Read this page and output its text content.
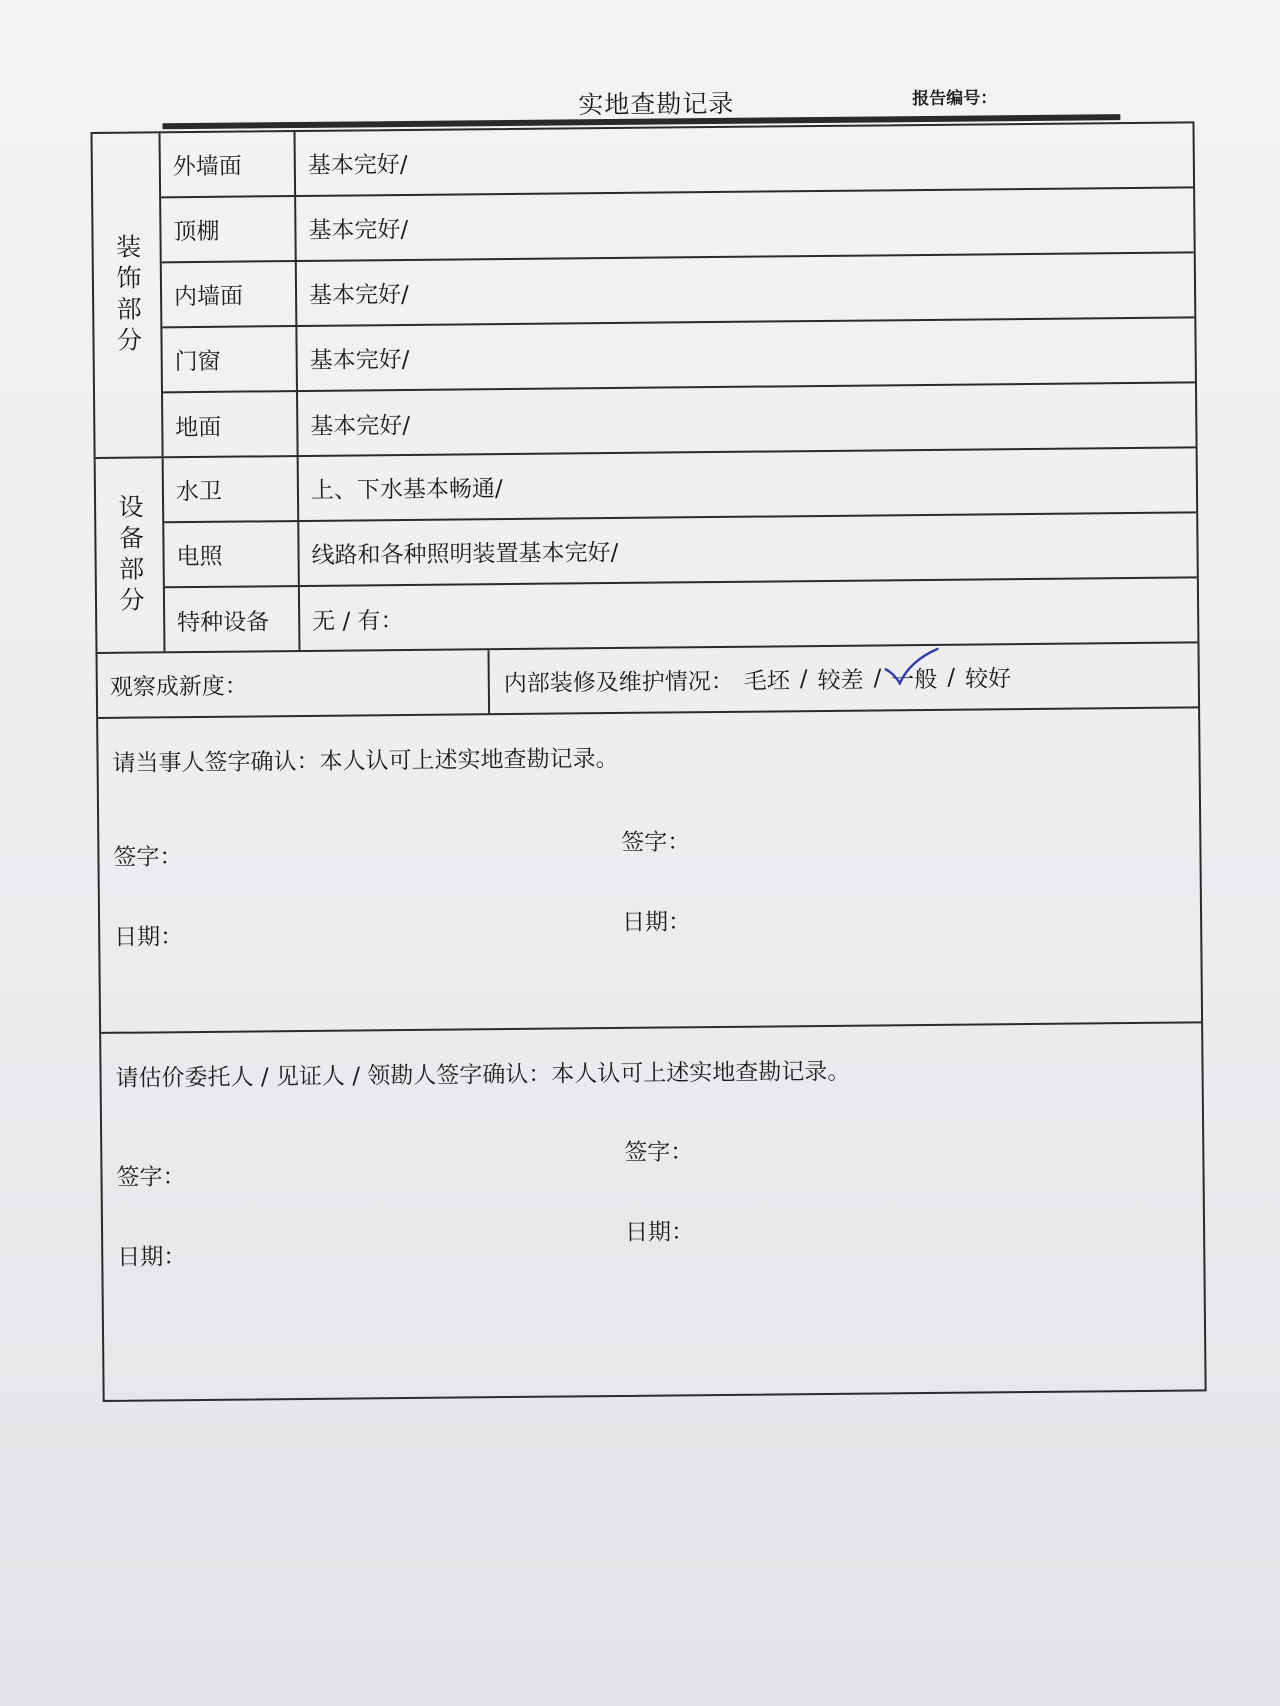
实地查勘记录	报告编号：
装饰部分
外墙面	基本完好/
顶棚	基本完好/
内墙面	基本完好/
门窗	基本完好/
地面	基本完好/
设备部分
水卫	上、下水基本畅通/
电照	线路和各种照明装置基本完好/
特种设备	无 / 有：
观察成新度：	内部装修及维护情况： 毛坯 / 较差 / 一般 / 较好
请当事人签字确认：本人认可上述实地查勘记录。
签字：
签字：
日期：
日期：
请估价委托人 / 见证人 / 领勘人签字确认：本人认可上述实地查勘记录。
签字：
签字：
日期：
日期：
